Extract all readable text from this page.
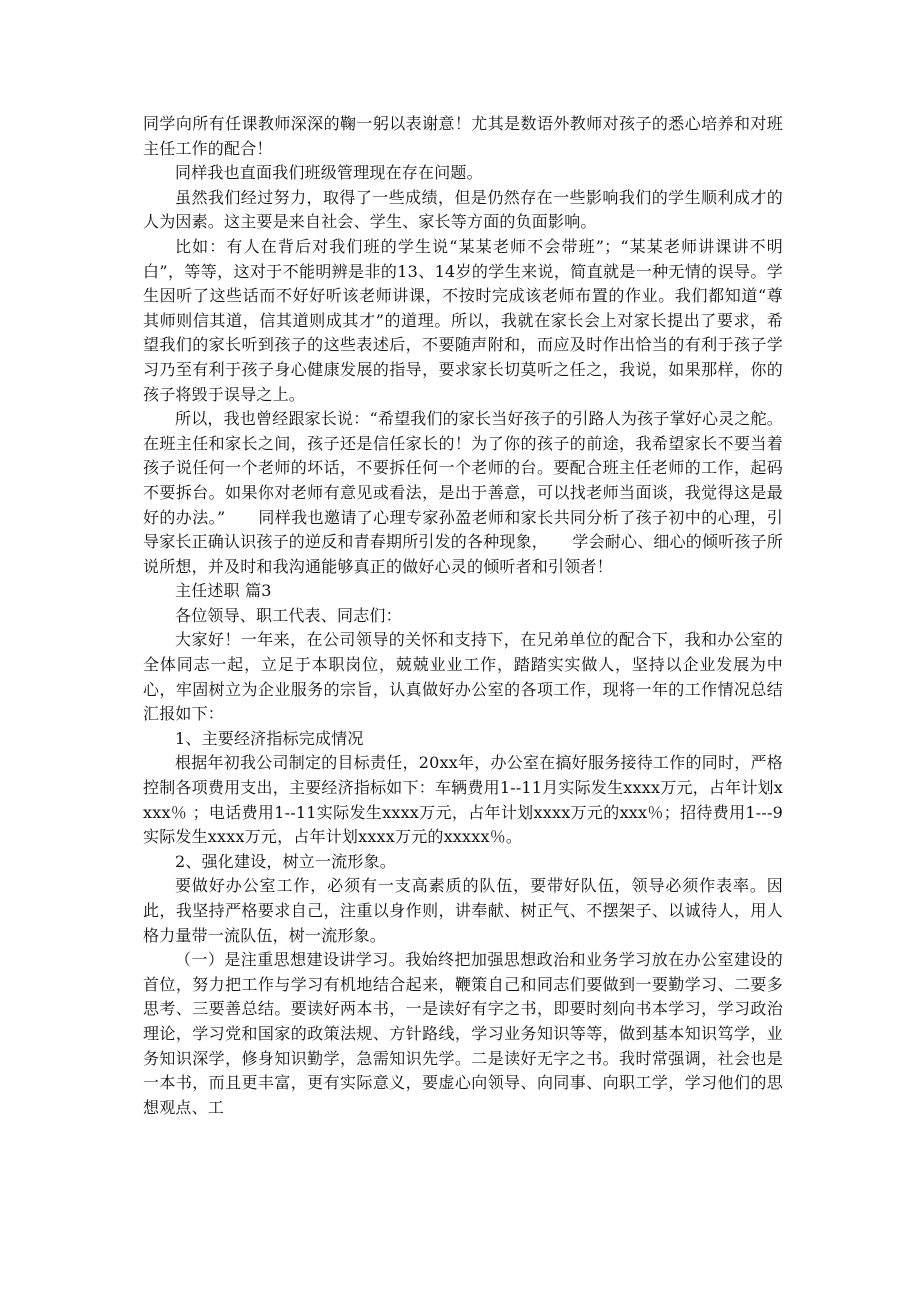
同学向所有任课教师深深的鞠一躬以表谢意！尤其是数语外教师对孩子的悉心培养和对班主任工作的配合！

同样我也直面我们班级管理现在存在问题。

虽然我们经过努力，取得了一些成绩，但是仍然存在一些影响我们的学生顺利成才的人为因素。这主要是来自社会、学生、家长等方面的负面影响。

比如：有人在背后对我们班的学生说“某某老师不会带班”；“某某老师讲课讲不明白”，等等，这对于不能明辨是非的13、14岁的学生来说，简直就是一种无情的误导。学生因听了这些话而不好好听该老师讲课，不按时完成该老师布置的作业。我们都知道“尊其师则信其道，信其道则成其才”的道理。所以，我就在家长会上对家长提出了要求，希望我们的家长听到孩子的这些表述后，不要随声附和，而应及时作出恰当的有利于孩子学习乃至有利于孩子身心健康发展的指导，要求家长切莫听之任之，我说，如果那样，你的孩子将毁于误导之上。

所以，我也曾经跟家长说：“希望我们的家长当好孩子的引路人为孩子掌好心灵之舵。在班主任和家长之间，孩子还是信任家长的！为了你的孩子的前途，我希望家长不要当着孩子说任何一个老师的坏话，不要拆任何一个老师的台。要配合班主任老师的工作，起码不要拆台。如果你对老师有意见或看法，是出于善意，可以找老师当面谈，我觉得这是最好的办法。”　　同样我也邀请了心理专家孙盈老师和家长共同分析了孩子初中的心理，引导家长正确认识孩子的逆反和青春期所引发的各种现象，　　学会耐心、细心的倾听孩子所说所想，并及时和我沟通能够真正的做好心灵的倾听者和引领者！

主任述职 篇3

各位领导、职工代表、同志们：

大家好！一年来，在公司领导的关怀和支持下，在兄弟单位的配合下，我和办公室的全体同志一起，立足于本职岗位，兢兢业业工作，踏踏实实做人，坚持以企业发展为中心，牢固树立为企业服务的宗旨，认真做好办公室的各项工作，现将一年的工作情况总结汇报如下：

1、主要经济指标完成情况

根据年初我公司制定的目标责任，20xx年，办公室在搞好服务接待工作的同时，严格控制各项费用支出，主要经济指标如下：车辆费用1--11月实际发生xxxx万元，占年计划xxxx％ ；电话费用1--11实际发生xxxx万元，占年计划xxxx万元的xxx％；招待费用1---9实际发生xxxx万元，占年计划xxxx万元的xxxxx％。

2、强化建设，树立一流形象。

要做好办公室工作，必须有一支高素质的队伍，要带好队伍，领导必须作表率。因此，我坚持严格要求自己，注重以身作则，讲奉献、树正气、不摆架子、以诚待人，用人格力量带一流队伍，树一流形象。

（一）是注重思想建设讲学习。我始终把加强思想政治和业务学习放在办公室建设的首位，努力把工作与学习有机地结合起来，鞭策自己和同志们要做到一要勤学习、二要多思考、三要善总结。要读好两本书，一是读好有字之书，即要时刻向书本学习，学习政治理论，学习党和国家的政策法规、方针路线，学习业务知识等等，做到基本知识笃学，业务知识深学，修身知识勤学，急需知识先学。二是读好无字之书。我时常强调，社会也是一本书，而且更丰富，更有实际意义，要虚心向领导、向同事、向职工学，学习他们的思想观点、工
